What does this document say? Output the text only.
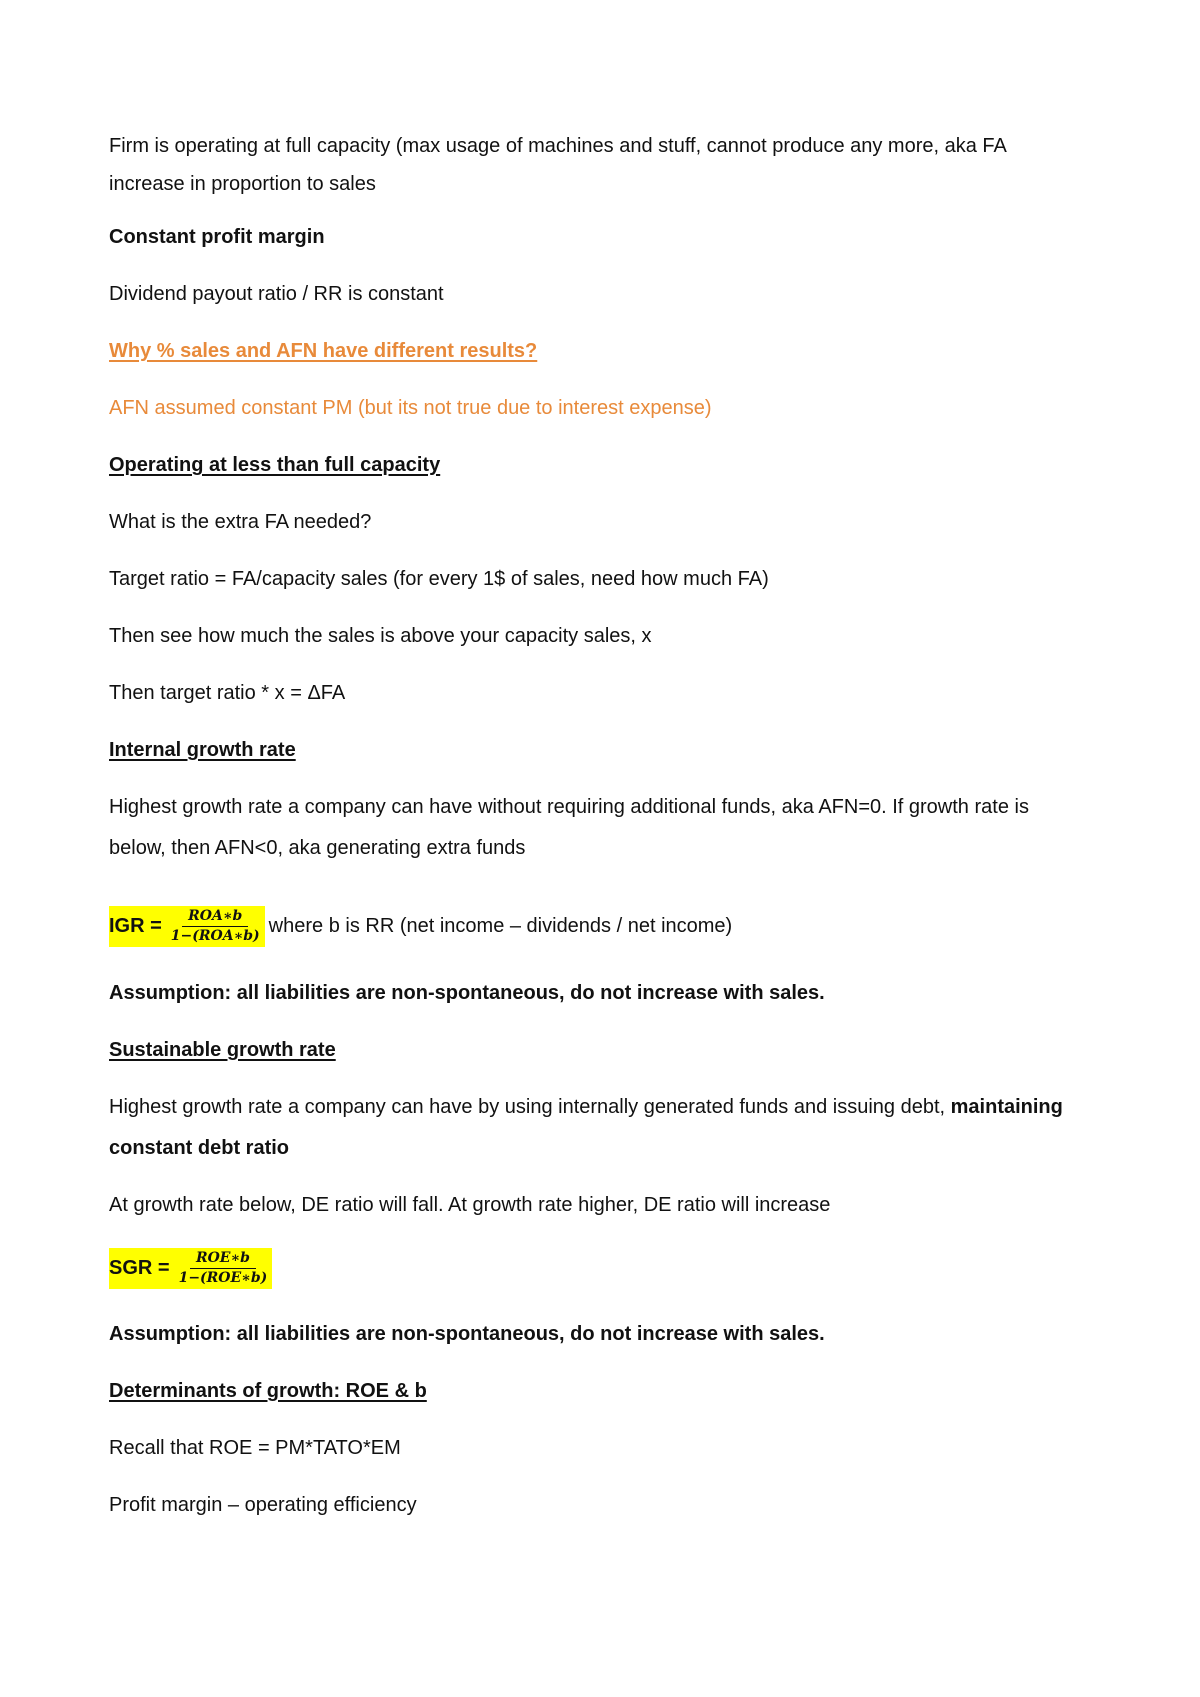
Firm is operating at full capacity (max usage of machines and stuff, cannot produce any more, aka FA

increase in proportion to sales

Constant profit margin

Dividend payout ratio / RR is constant

Why % sales and AFN have different results?

AFN assumed constant PM (but its not true due to interest expense)

Operating at less than full capacity

What is the extra FA needed?

Target ratio = FA/capacity sales (for every 1$ of sales, need how much FA)

Then see how much the sales is above your capacity sales, x

Then target ratio * x = ΔFA

Internal growth rate

Highest growth rate a company can have without requiring additional funds, aka AFN=0. If growth rate is

below, then AFN<0, aka generating extra funds

IGR = $\frac{\text{ROA∗b}}{\text{1−(ROA∗b)}}$ where b is RR (net income – dividends / net income)

Assumption: all liabilities are non-spontaneous, do not increase with sales.

Sustainable growth rate

Highest growth rate a company can have by using internally generated funds and issuing debt, maintaining

constant debt ratio

At growth rate below, DE ratio will fall. At growth rate higher, DE ratio will increase

SGR = $\frac{\text{ROE∗b}}{\text{1−(ROE∗b)}}$

Assumption: all liabilities are non-spontaneous, do not increase with sales.

Determinants of growth: ROE & b

Recall that ROE = PM*TATO*EM

Profit margin – operating efficiency
